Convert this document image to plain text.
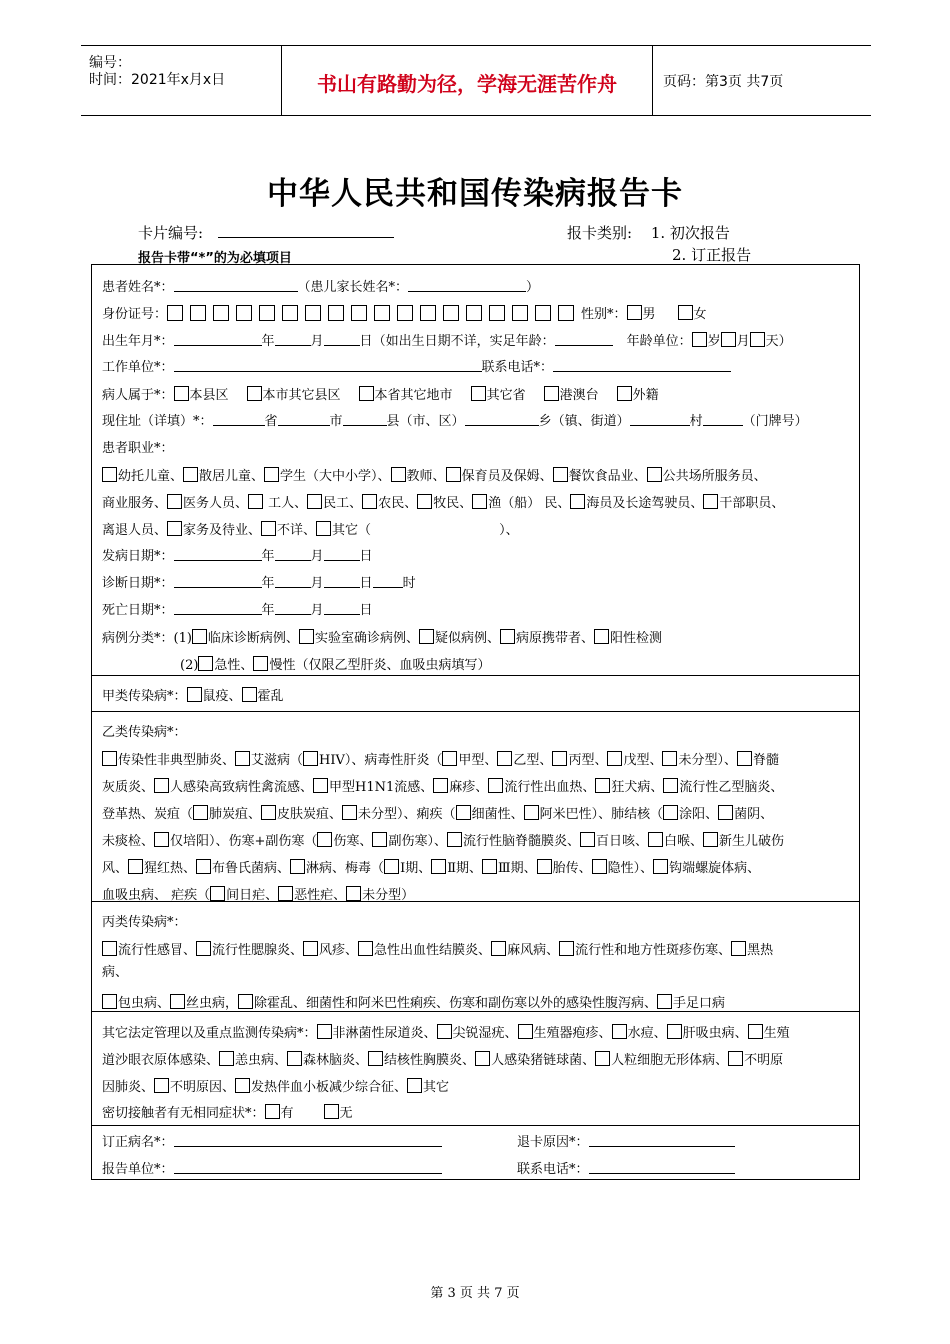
编号：
时间：2021年x月x日	书山有路勤为径，学海无涯苦作舟	页码：第3页 共7页
中华人民共和国传染病报告卡
卡片编号:
报告卡带“*”的为必填项目
报卡类别: 1. 初次报告
2. 订正报告
患者姓名*：	（患儿家长姓名*：	）
身份证号：	性别*： 男	女
出生年月*：	年	月	日（如出生日期不详，实足年龄：	年龄单位： 岁 月 天）
工作单位*：	联系电话*：
病人属于*： 本县区	本市其它县区	本省其它地市	其它省	港澳台	外籍
现住址（详填）*：	省	市	县（市、区）	乡（镇、街道）	村	（门牌号）
患者职业*：
幼托儿童、 散居儿童、 学生（大中小学）、 教师、 保育员及保姆、 餐饮食品业、 公共场所服务员、
商业服务、 医务人员、 工人、 民工、 农民、 牧民、 渔（船） 民、 海员及长途驾驶员、 干部职员、
离退人员、 家务及待业、 不详、 其它（	）、
发病日期*：	年	月	日
诊断日期*：	年	月	日 时
死亡日期*：	年	月	日
病例分类*：(1) 临床诊断病例、 实验室确诊病例、 疑似病例、 病原携带者、 阳性检测
(2) 急性、 慢性（仅限乙型肝炎、血吸虫病填写）
甲类传染病*： 鼠疫、 霍乱
乙类传染病*：
传染性非典型肺炎、 艾滋病（ HIV）、病毒性肝炎（ 甲型、 乙型、 丙型、 戊型、 未分型）、 脊髓
灰质炎、 人感染高致病性禽流感、 甲型H1N1流感、 麻疹、 流行性出血热、 狂犬病、 流行性乙型脑炎、
登革热、炭疽（ 肺炭疽、 皮肤炭疽、 未分型）、痢疾（ 细菌性、 阿米巴性）、肺结核（ 涂阳、 菌阴、
未痰检、 仅培阳）、伤寒+副伤寒（ 伤寒、 副伤寒）、 流行性脑脊髓膜炎、 百日咳、 白喉、 新生儿破伤
风、 猩红热、 布鲁氏菌病、 淋病、梅毒（ Ⅰ期、 Ⅱ期、 Ⅲ期、 胎传、 隐性）、 钩端螺旋体病、
血吸虫病、 疟疾（ 间日疟、 恶性疟、 未分型）
丙类传染病*：
流行性感冒、 流行性腮腺炎、 风疹、 急性出血性结膜炎、 麻风病、 流行性和地方性斑疹伤寒、 黑热
病、
包虫病、 丝虫病， 除霍乱、细菌性和阿米巴性痢疾、伤寒和副伤寒以外的感染性腹泻病、 手足口病
其它法定管理以及重点监测传染病*： 非淋菌性尿道炎、 尖锐湿疣、 生殖器疱疹、 水痘、 肝吸虫病、 生殖
道沙眼衣原体感染、 恙虫病、 森林脑炎、 结核性胸膜炎、 人感染猪链球菌、 人粒细胞无形体病、 不明原
因肺炎、 不明原因、 发热伴血小板减少综合征、 其它
密切接触者有无相同症状*： 有	无
订正病名*：	退卡原因*：
报告单位*：	联系电话*：
第 3 页 共 7 页
